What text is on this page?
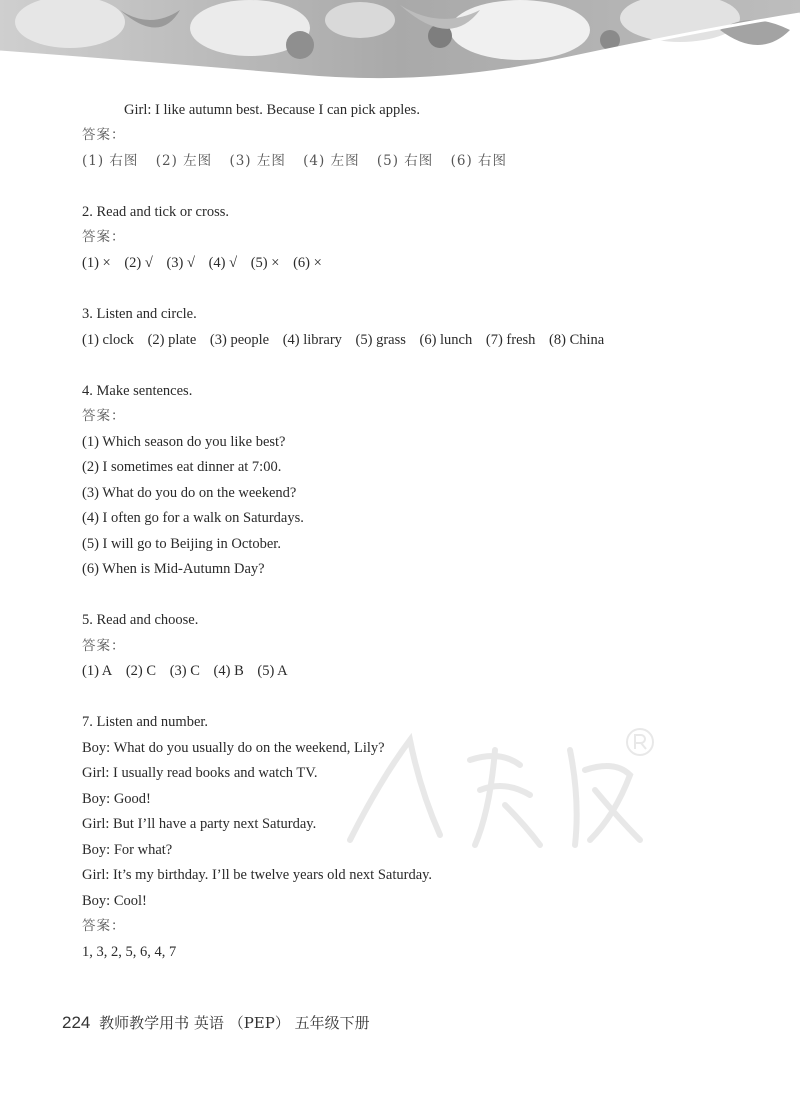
Girl: I like autumn best. Because I can pick apples.
答案：
(1) 右图 (2) 左图 (3) 左图 (4) 左图 (5) 右图 (6) 右图
2. Read and tick or cross.
答案：
(1) × (2) √ (3) √ (4) √ (5) × (6) ×
3. Listen and circle.
(1) clock (2) plate (3) people (4) library (5) grass (6) lunch (7) fresh (8) China
4. Make sentences.
答案：
(1) Which season do you like best?
(2) I sometimes eat dinner at 7:00.
(3) What do you do on the weekend?
(4) I often go for a walk on Saturdays.
(5) I will go to Beijing in October.
(6) When is Mid-Autumn Day?
5. Read and choose.
答案：
(1) A (2) C (3) C (4) B (5) A
7. Listen and number.
Boy: What do you usually do on the weekend, Lily?
Girl: I usually read books and watch TV.
Boy: Good!
Girl: But I’ll have a party next Saturday.
Boy: For what?
Girl: It’s my birthday. I’ll be twelve years old next Saturday.
Boy: Cool!
答案：
1, 3, 2, 5, 6, 4, 7
224 教师教学用书 英语 （PEP） 五年级下册
